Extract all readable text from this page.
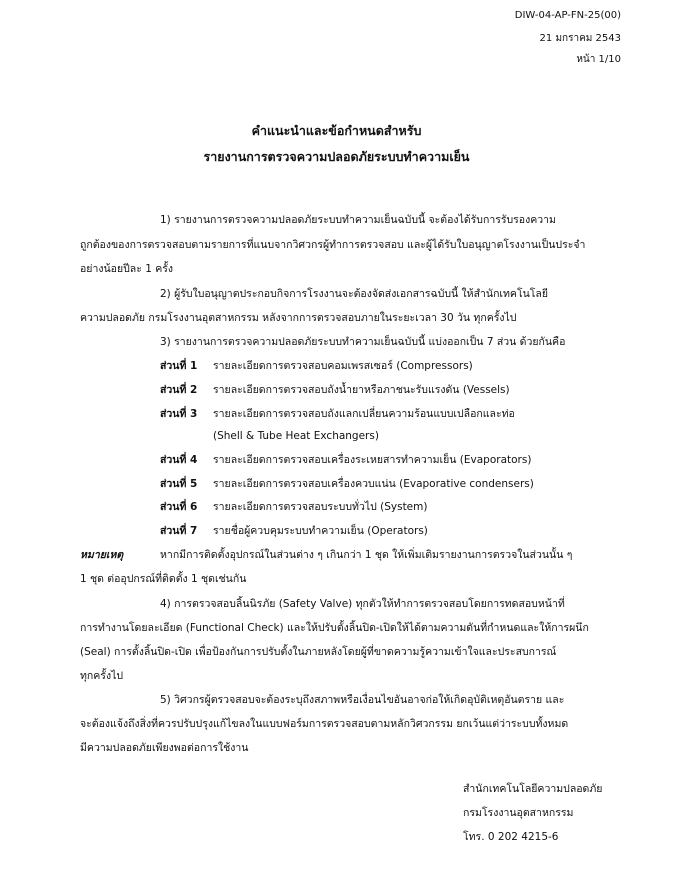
DIW-04-AP-FN-25(00)
21 มกราคม 2543
หน้า 1/10
คำแนะนำและข้อกำหนดสำหรับ
รายงานการตรวจความปลอดภัยระบบทำความเย็น
1) รายงานการตรวจความปลอดภัยระบบทำความเย็นฉบับนี้ จะต้องได้รับการรับรองความ
ถูกต้องของการตรวจสอบตามรายการที่แนบจากวิศวกรผู้ทำการตรวจสอบ และผู้ได้รับใบอนุญาตโรงงานเป็นประจำ
อย่างน้อยปีละ 1 ครั้ง
2) ผู้รับใบอนุญาตประกอบกิจการโรงงานจะต้องจัดส่งเอกสารฉบับนี้ ให้สำนักเทคโนโลยี
ความปลอดภัย กรมโรงงานอุตสาหกรรม หลังจากการตรวจสอบภายในระยะเวลา 30 วัน ทุกครั้งไป
3) รายงานการตรวจความปลอดภัยระบบทำความเย็นฉบับนี้ แบ่งออกเป็น 7 ส่วน ด้วยกันคือ
ส่วนที่ 1 รายละเอียดการตรวจสอบคอมเพรสเซอร์ (Compressors)
ส่วนที่ 2 รายละเอียดการตรวจสอบถังน้ำยาหรือภาชนะรับแรงดัน (Vessels)
ส่วนที่ 3 รายละเอียดการตรวจสอบถังแลกเปลี่ยนความร้อนแบบเปลือกและท่อ
(Shell & Tube Heat Exchangers)
ส่วนที่ 4 รายละเอียดการตรวจสอบเครื่องระเหยสารทำความเย็น (Evaporators)
ส่วนที่ 5 รายละเอียดการตรวจสอบเครื่องควบแน่น (Evaporative condensers)
ส่วนที่ 6 รายละเอียดการตรวจสอบระบบทั่วไป (System)
ส่วนที่ 7 รายชื่อผู้ควบคุมระบบทำความเย็น (Operators)
หมายเหตุ	หากมีการติดตั้งอุปกรณ์ในส่วนต่าง ๆ เกินกว่า 1 ชุด ให้เพิ่มเติมรายงานการตรวจในส่วนนั้น ๆ
1 ชุด ต่ออุปกรณ์ที่ติดตั้ง 1 ชุดเช่นกัน
4) การตรวจสอบลิ้นนิรภัย (Safety Valve) ทุกตัวให้ทำการตรวจสอบโดยการทดสอบหน้าที่
การทำงานโดยละเอียด (Functional Check) และให้ปรับตั้งลิ้นปิด-เปิดให้ได้ตามความดันที่กำหนดและให้การผนึก
(Seal) การตั้งลิ้นปิด-เปิด เพื่อป้องกันการปรับตั้งในภายหลังโดยผู้ที่ขาดความรู้ความเข้าใจและประสบการณ์
ทุกครั้งไป
5) วิศวกรผู้ตรวจสอบจะต้องระบุถึงสภาพหรือเงื่อนไขอันอาจก่อให้เกิดอุบัติเหตุอันตราย และ
จะต้องแจ้งถึงสิ่งที่ควรปรับปรุงแก้ไขลงในแบบฟอร์มการตรวจสอบตามหลักวิศวกรรม ยกเว้นแต่ว่าระบบทั้งหมด
มีความปลอดภัยเพียงพอต่อการใช้งาน
สำนักเทคโนโลยีความปลอดภัย
กรมโรงงานอุตสาหกรรม
โทร. 0 202 4215-6
